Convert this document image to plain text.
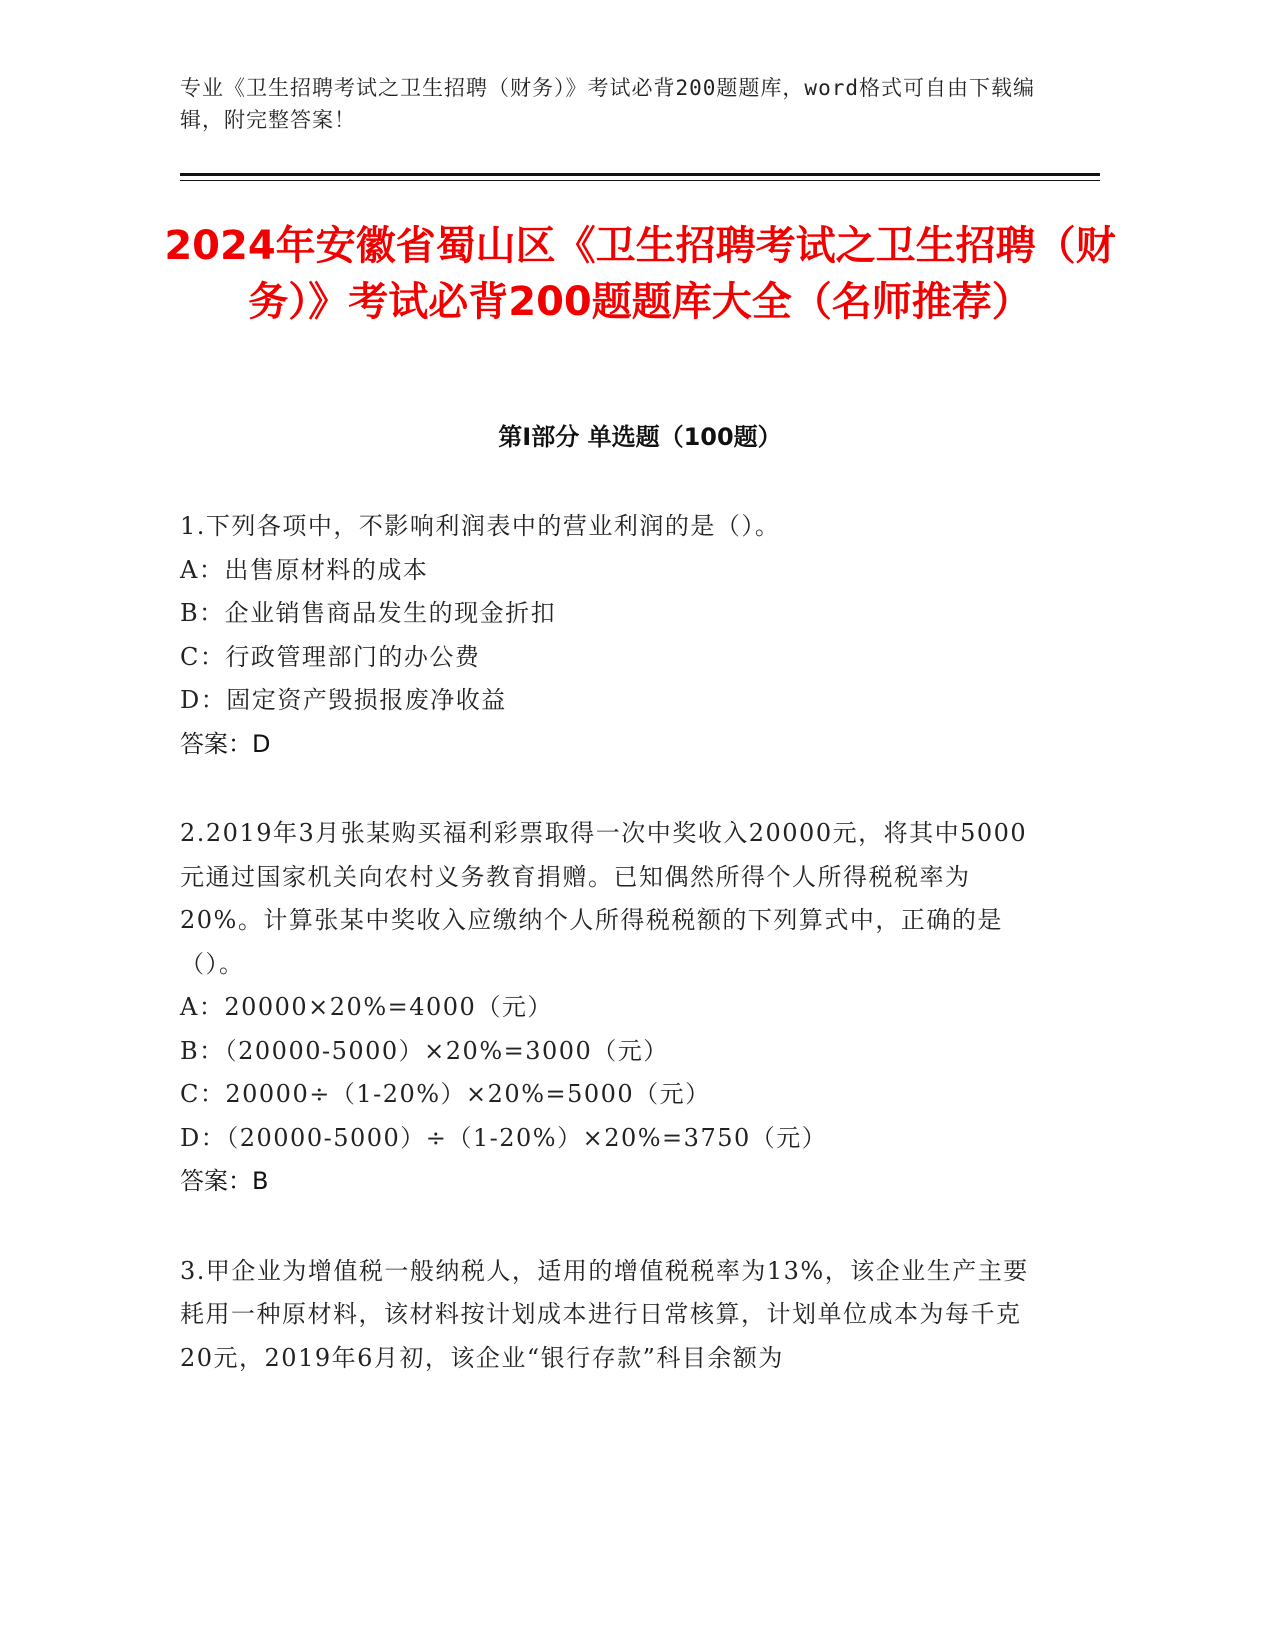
专业《卫生招聘考试之卫生招聘（财务）》考试必背200题题库，word格式可自由下载编辑，附完整答案！
2024年安徽省蜀山区《卫生招聘考试之卫生招聘（财务）》考试必背200题题库大全（名师推荐）
第I部分 单选题（100题）

1.下列各项中，不影响利润表中的营业利润的是（）。

A：出售原材料的成本

B：企业销售商品发生的现金折扣

C：行政管理部门的办公费

D：固定资产毁损报废净收益

答案：D

2.2019年3月张某购买福利彩票取得一次中奖收入20000元，将其中5000元通过国家机关向农村义务教育捐赠。已知偶然所得个人所得税税率为20%。计算张某中奖收入应缴纳个人所得税税额的下列算式中，正确的是（）。

A：20000×20%=4000（元）

B：（20000-5000）×20%=3000（元）

C：20000÷（1-20%）×20%=5000（元）

D：（20000-5000）÷（1-20%）×20%=3750（元）

答案：B

3.甲企业为增值税一般纳税人，适用的增值税税率为13%，该企业生产主要耗用一种原材料，该材料按计划成本进行日常核算，计划单位成本为每千克20元，2019年6月初，该企业“银行存款”科目余额为
